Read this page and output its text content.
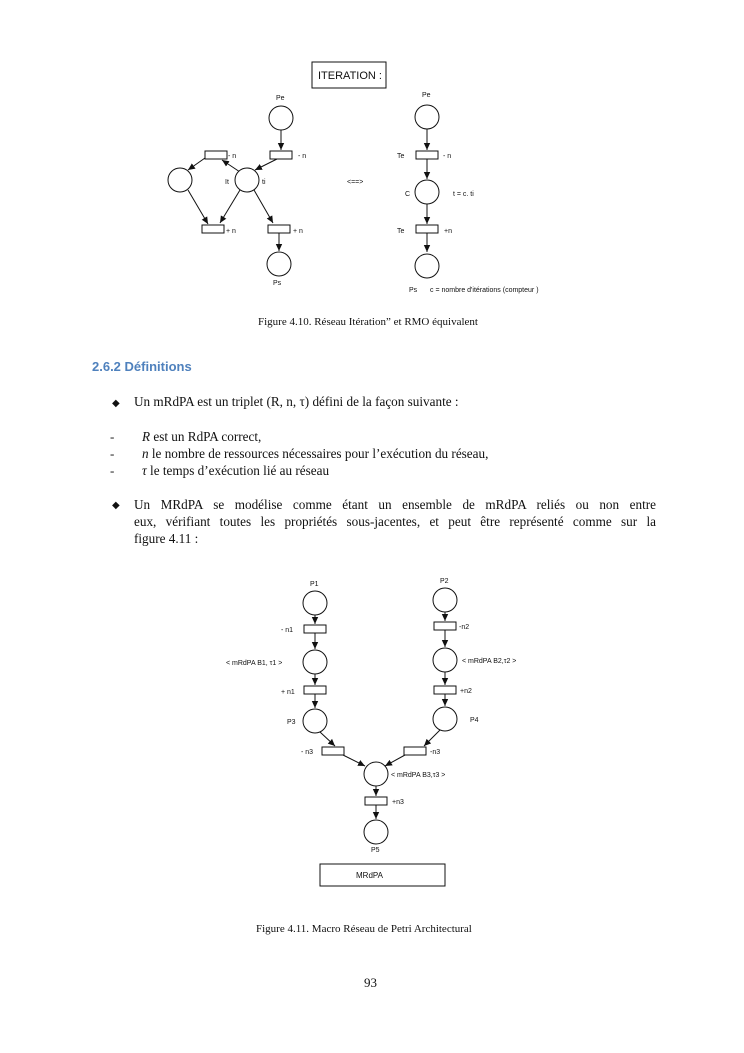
ITERATION :
Pe
- n
- n
It	ti
+ n	+ n
Ps
<==>
Pe
Te	- n
C	t = c. ti
Te	+n
Ps c = nombre d'itérations (compteur )
Figure 4.10. Réseau Itération” et RMO équivalent
2.6.2 Définitions
◆ Un mRdPA est un triplet (R, n, τ) défini de la façon suivante :
- R est un RdPA correct,
- n le nombre de ressources nécessaires pour l’exécution du réseau,
- τ le temps d’exécution lié au réseau
◆ Un MRdPA se modélise comme étant un ensemble de mRdPA reliés ou non entre
eux, vérifiant toutes les propriétés sous-jacentes, et peut être représenté comme sur la
figure 4.11 :
P1
- n1
< mRdPA B1, τ1 >
+ n1
P3
- n3
P2
-n2
< mRdPA B2,τ2 >
+n2
P4
-n3
< mRdPA B3,τ3 >
+n3
P5
MRdPA
Figure 4.11. Macro Réseau de Petri Architectural
93
